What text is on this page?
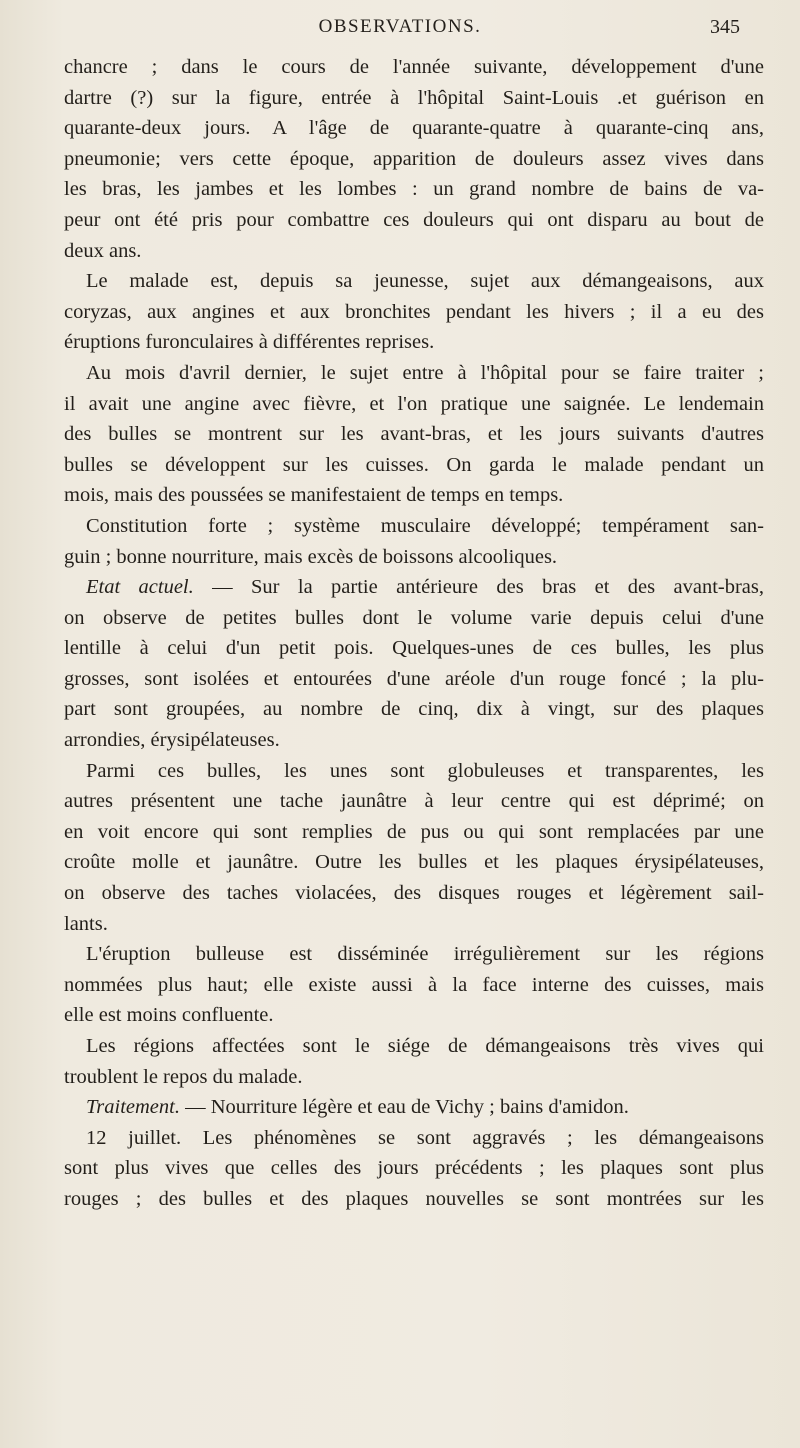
OBSERVATIONS.	345
chancre ; dans le cours de l'année suivante, développement d'une
dartre (?) sur la figure, entrée à l'hôpital Saint-Louis .et guérison en
quarante-deux jours. A l'âge de quarante-quatre à quarante-cinq ans,
pneumonie; vers cette époque, apparition de douleurs assez vives dans
les bras, les jambes et les lombes : un grand nombre de bains de va-
peur ont été pris pour combattre ces douleurs qui ont disparu au bout de
deux ans.
Le malade est, depuis sa jeunesse, sujet aux démangeaisons, aux
coryzas, aux angines et aux bronchites pendant les hivers ; il a eu des
éruptions furonculaires à différentes reprises.
Au mois d'avril dernier, le sujet entre à l'hôpital pour se faire traiter ;
il avait une angine avec fièvre, et l'on pratique une saignée. Le lendemain
des bulles se montrent sur les avant-bras, et les jours suivants d'autres
bulles se développent sur les cuisses. On garda le malade pendant un
mois, mais des poussées se manifestaient de temps en temps.
Constitution forte ; système musculaire développé; tempérament san-
guin ; bonne nourriture, mais excès de boissons alcooliques.
Etat actuel. — Sur la partie antérieure des bras et des avant-bras,
on observe de petites bulles dont le volume varie depuis celui d'une
lentille à celui d'un petit pois. Quelques-unes de ces bulles, les plus
grosses, sont isolées et entourées d'une aréole d'un rouge foncé ; la plu-
part sont groupées, au nombre de cinq, dix à vingt, sur des plaques
arrondies, érysipélateuses.
Parmi ces bulles, les unes sont globuleuses et transparentes, les
autres présentent une tache jaunâtre à leur centre qui est déprimé; on
en voit encore qui sont remplies de pus ou qui sont remplacées par une
croûte molle et jaunâtre. Outre les bulles et les plaques érysipélateuses,
on observe des taches violacées, des disques rouges et légèrement sail-
lants.
L'éruption bulleuse est disséminée irrégulièrement sur les régions
nommées plus haut; elle existe aussi à la face interne des cuisses, mais
elle est moins confluente.
Les régions affectées sont le siége de démangeaisons très vives qui
troublent le repos du malade.
Traitement. — Nourriture légère et eau de Vichy ; bains d'amidon.
12 juillet. Les phénomènes se sont aggravés ; les démangeaisons
sont plus vives que celles des jours précédents ; les plaques sont plus
rouges ; des bulles et des plaques nouvelles se sont montrées sur les
